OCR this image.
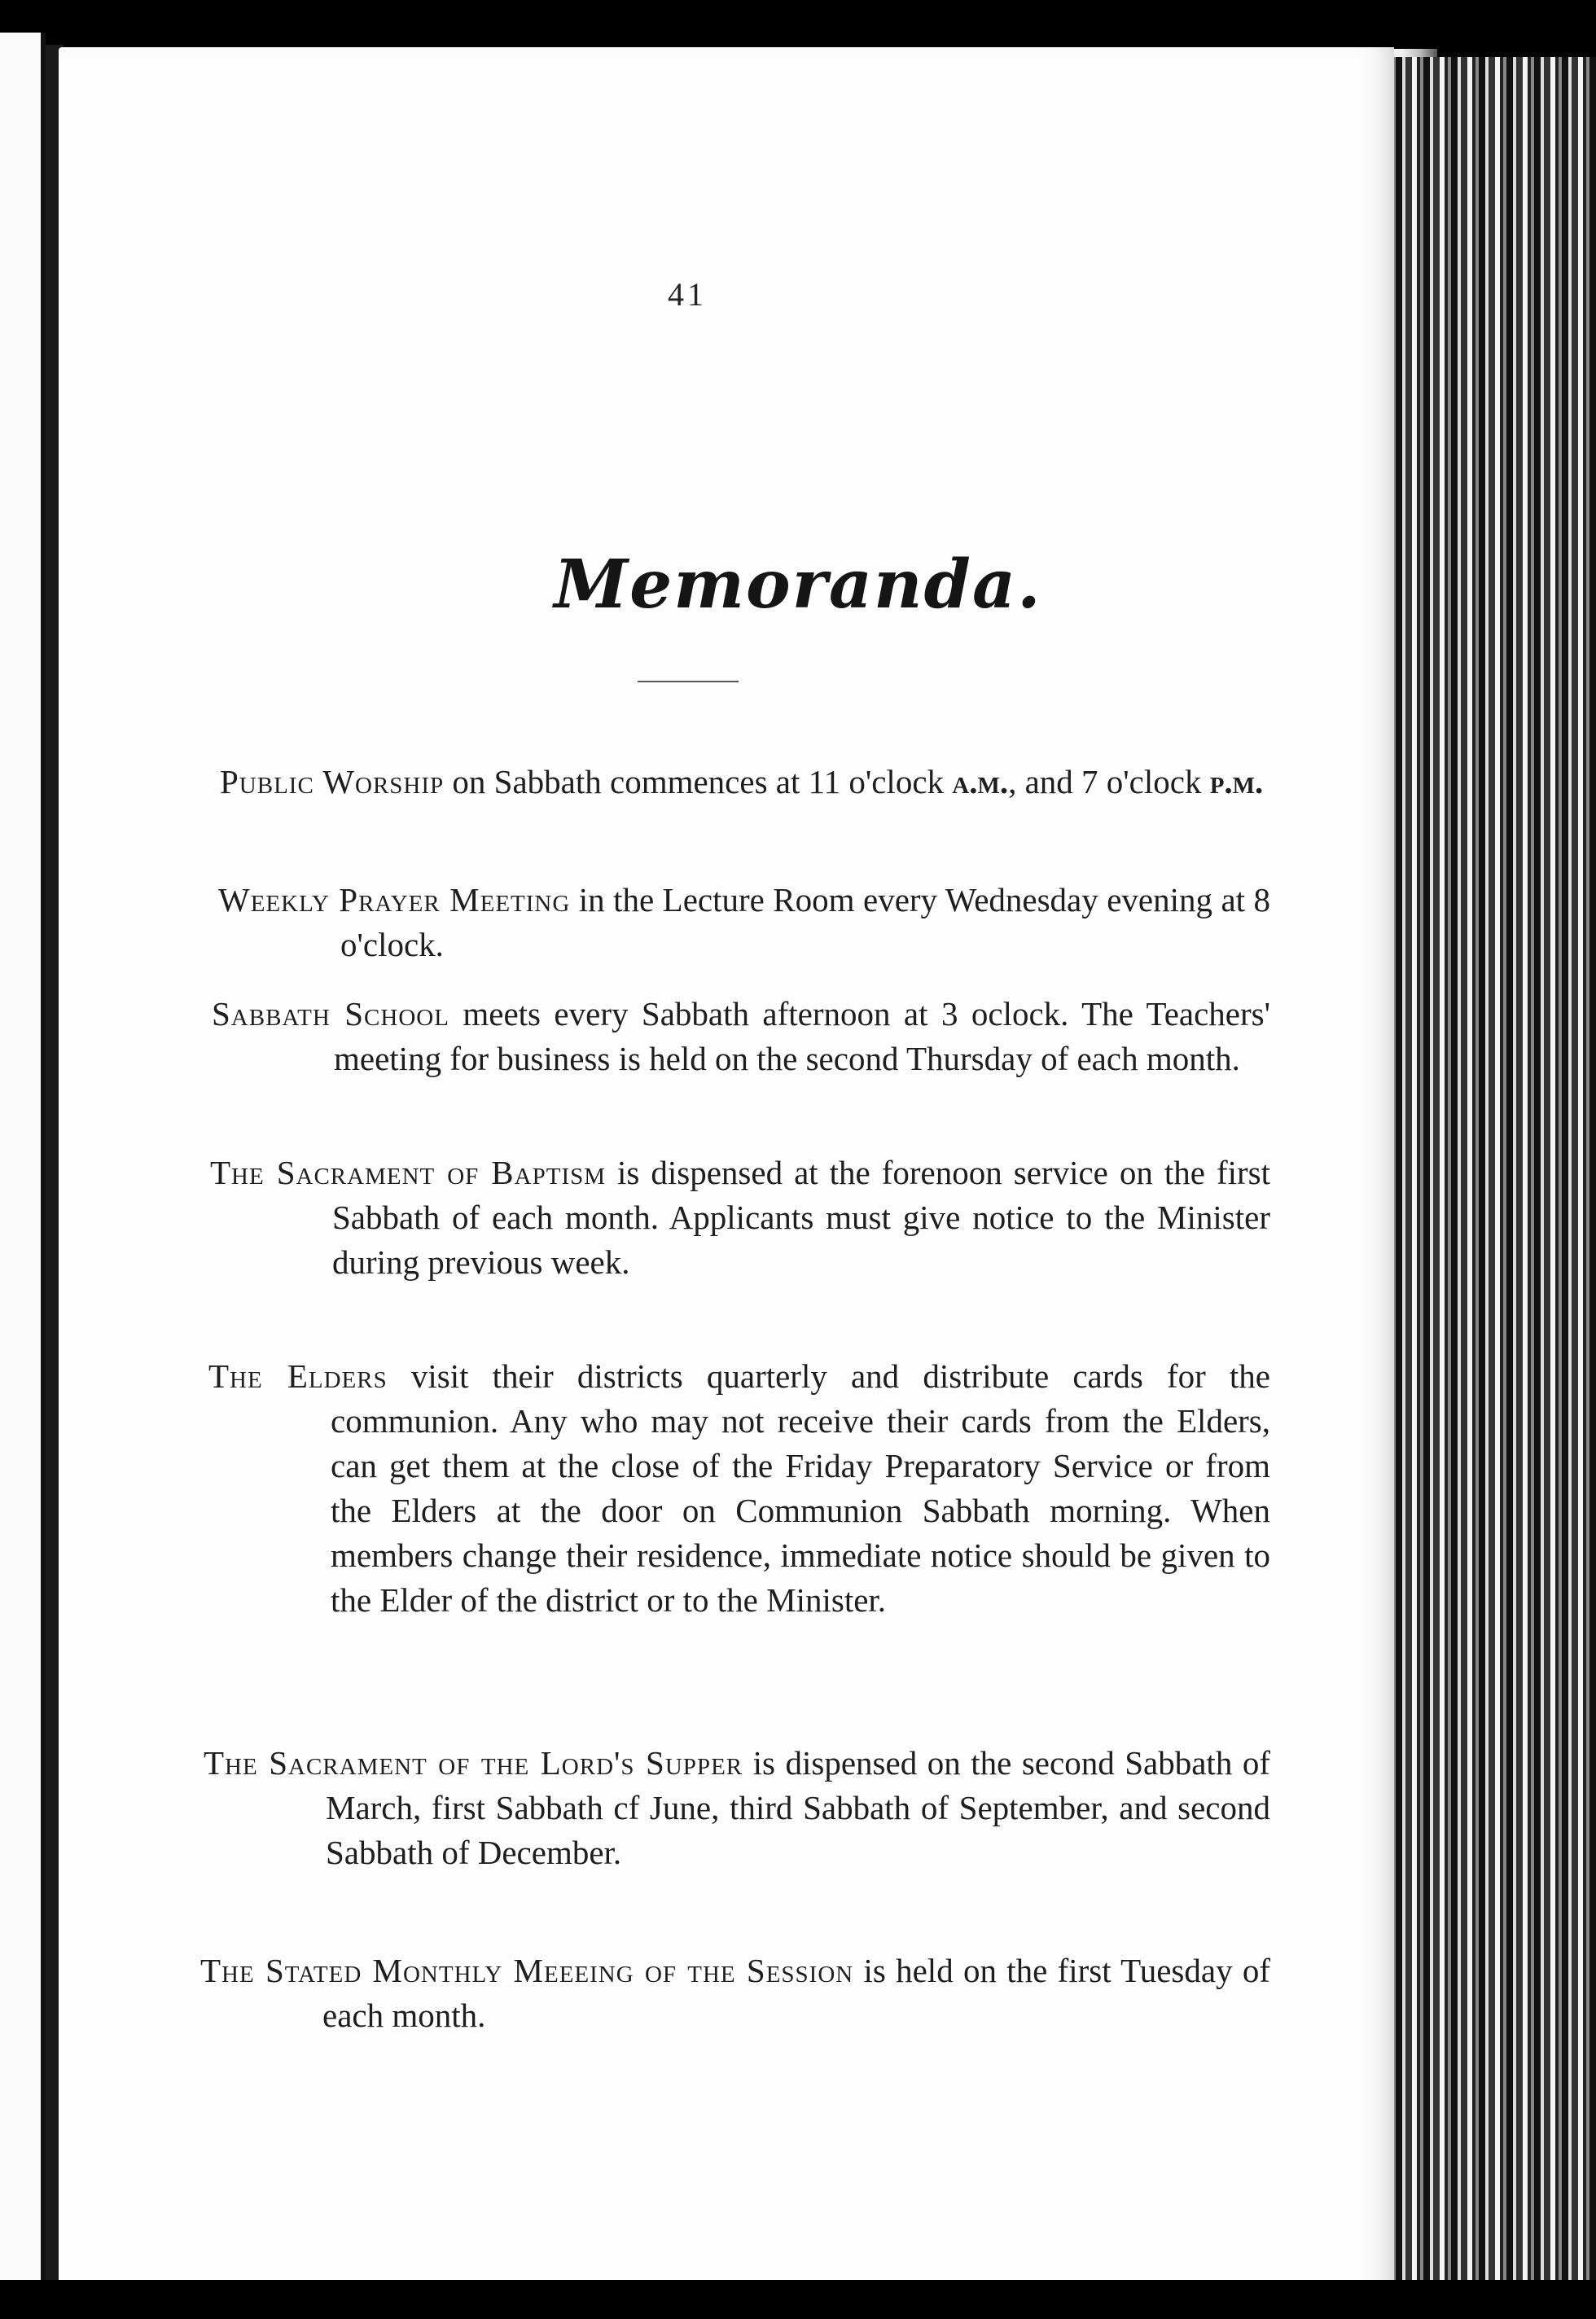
41
Memoranda.

Public Worship on Sabbath commences at 11 o'clock a.m., and 7 o'clock p.m.

Weekly Prayer Meeting in the Lecture Room every Wednesday evening at 8 o'clock.

Sabbath School meets every Sabbath afternoon at 3 oclock. The Teachers' meeting for business is held on the second Thursday of each month.

The Sacrament of Baptism is dispensed at the forenoon service on the first Sabbath of each month. Applicants must give notice to the Minister during previous week.

The Elders visit their districts quarterly and distribute cards for the communion. Any who may not receive their cards from the Elders, can get them at the close of the Friday Preparatory Service or from the Elders at the door on Communion Sabbath morning. When members change their residence, immediate notice should be given to the Elder of the district or to the Minister.

The Sacrament of the Lord's Supper is dispensed on the second Sabbath of March, first Sabbath cf June, third Sabbath of September, and second Sabbath of December.

The Stated Monthly Meeeing of the Session is held on the first Tuesday of each month.
